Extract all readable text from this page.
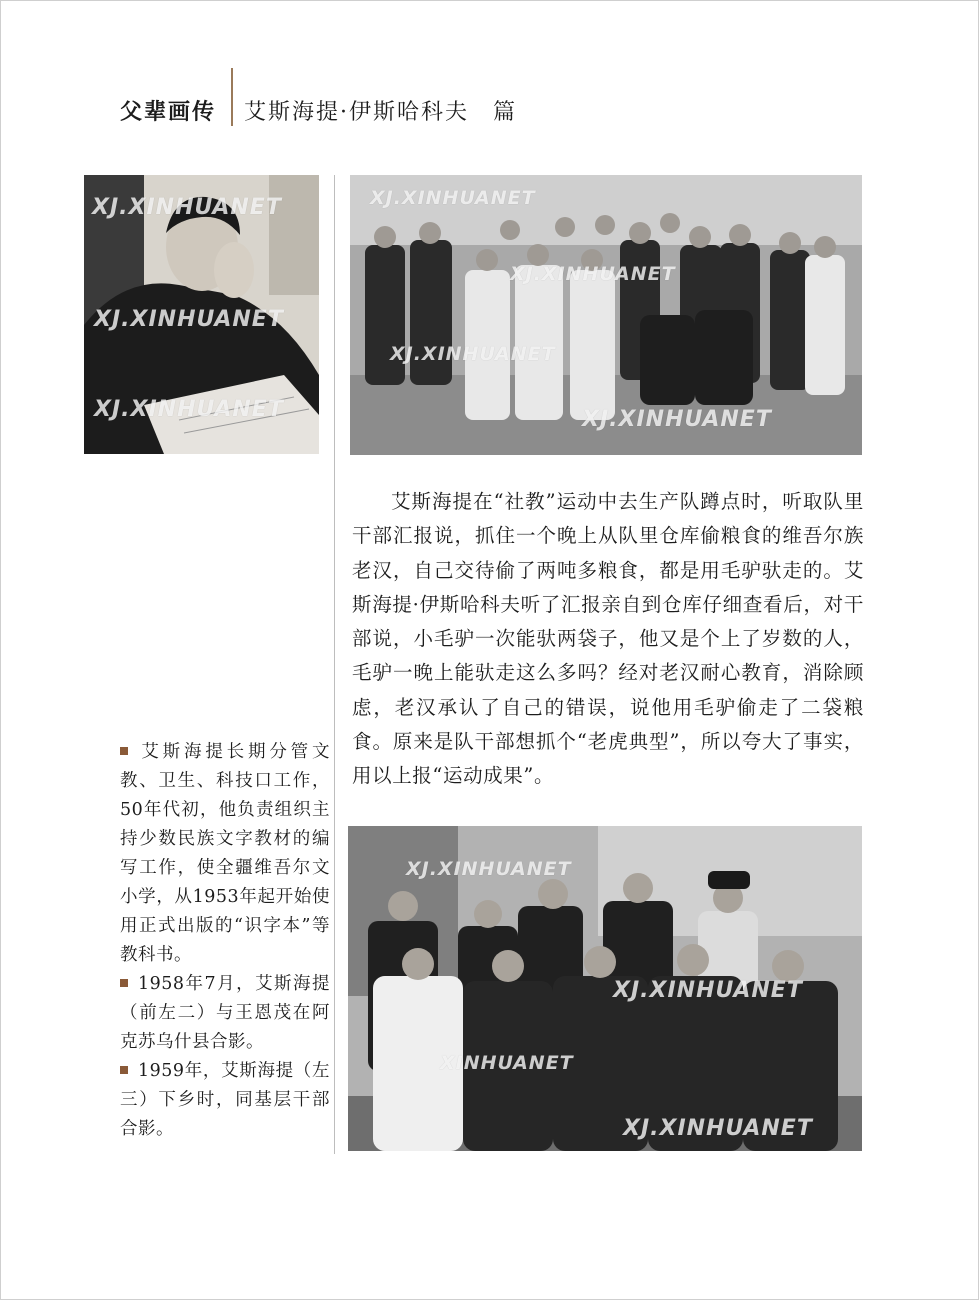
父辈画传 艾斯海提·伊斯哈科夫　篇
XJ.XINHUANET
XJ.XINHUANET
XJ.XINHUANET
XJ.XINHUANET
XJ.XINHUANET
XJ.XINHUANET
XJ.XINHUANET

艾斯海提在“社教”运动中去生产队蹲点时，听取队里干部汇报说，抓住一个晚上从队里仓库偷粮食的维吾尔族老汉，自己交待偷了两吨多粮食，都是用毛驴驮走的。艾斯海提·伊斯哈科夫听了汇报亲自到仓库仔细查看后，对干部说，小毛驴一次能驮两袋子，他又是个上了岁数的人，毛驴一晚上能驮走这么多吗？经对老汉耐心教育，消除顾虑，老汉承认了自己的错误，说他用毛驴偷走了二袋粮食。原来是队干部想抓个“老虎典型”，所以夸大了事实，用以上报“运动成果”。

XJ.XINHUANET
XJ.XINHUANET
XINHUANET
XJ.XINHUANET

艾斯海提长期分管文教、卫生、科技口工作，50年代初，他负责组织主持少数民族文字教材的编写工作，使全疆维吾尔文小学，从1953年起开始使用正式出版的“识字本”等教科书。

1958年7月，艾斯海提（前左二）与王恩茂在阿克苏乌什县合影。

1959年，艾斯海提（左三）下乡时，同基层干部合影。
